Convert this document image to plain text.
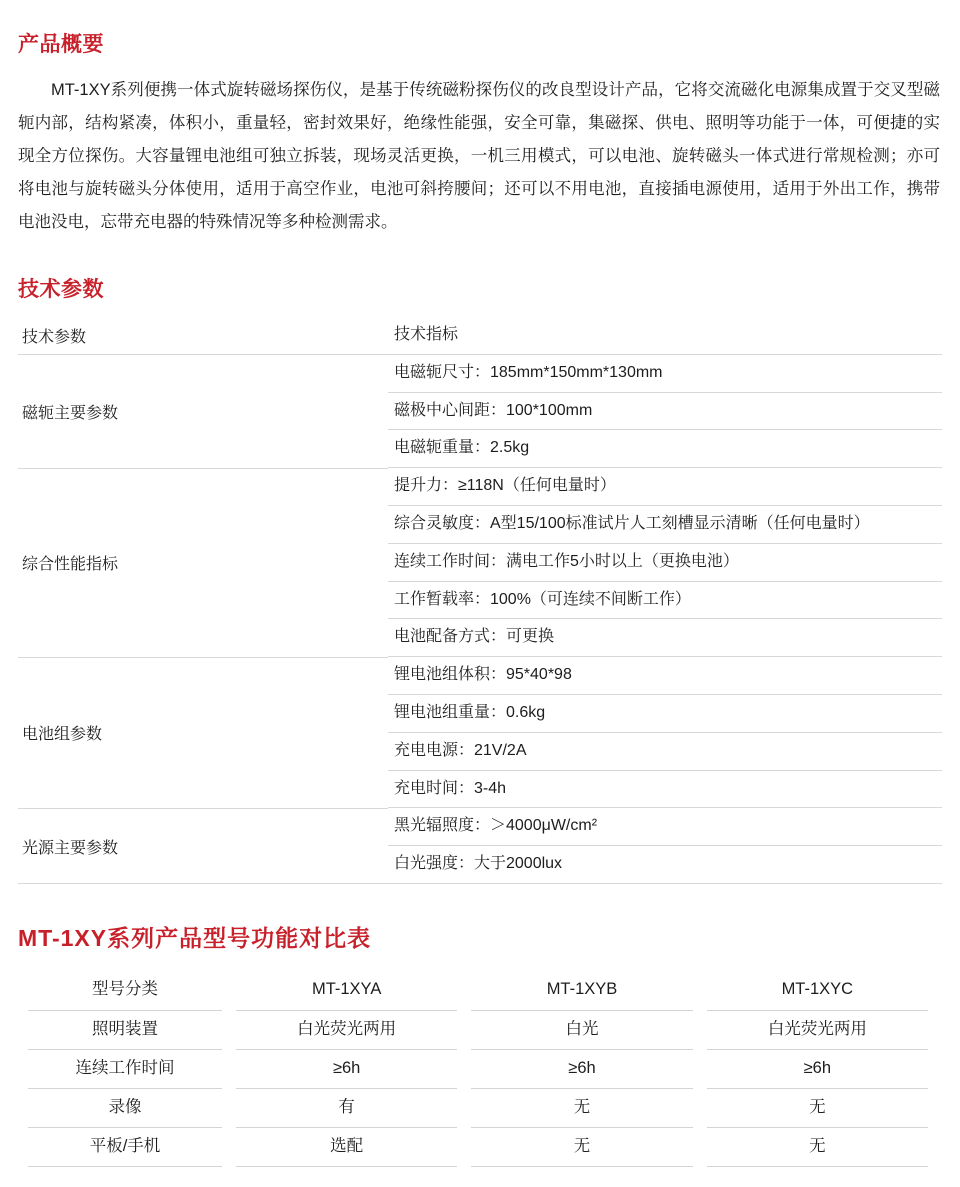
产品概要

MT-1XY系列便携一体式旋转磁场探伤仪，是基于传统磁粉探伤仪的改良型设计产品，它将交流磁化电源集成置于交叉型磁轭内部，结构紧凑，体积小，重量轻，密封效果好，绝缘性能强，安全可靠，集磁探、供电、照明等功能于一体，可便捷的实现全方位探伤。大容量锂电池组可独立拆装，现场灵活更换，一机三用模式，可以电池、旋转磁头一体式进行常规检测；亦可将电池与旋转磁头分体使用，适用于高空作业，电池可斜挎腰间；还可以不用电池，直接插电源使用，适用于外出工作，携带电池没电，忘带充电器的特殊情况等多种检测需求。

技术参数
技术参数	技术指标

磁轭主要参数	电磁轭尺寸：185mm*150mm*130mm
磁极中心间距：100*100mm
电磁轭重量：2.5kg

综合性能指标	提升力：≥118N（任何电量时）
综合灵敏度：A型15/100标准试片人工刻槽显示清晰（任何电量时）
连续工作时间：满电工作5小时以上（更换电池）
工作暂载率：100%（可连续不间断工作）
电池配备方式：可更换

电池组参数	锂电池组体积：95*40*98
锂电池组重量：0.6kg
充电电源：21V/2A
充电时间：3-4h

光源主要参数	黑光辐照度：＞4000μW/cm²
白光强度：大于2000lux
MT-1XY系列产品型号功能对比表
型号分类	MT-1XYA	MT-1XYB	MT-1XYC
照明装置	白光荧光两用	白光	白光荧光两用
连续工作时间	≥6h	≥6h	≥6h
录像	有	无	无
平板/手机	选配	无	无
